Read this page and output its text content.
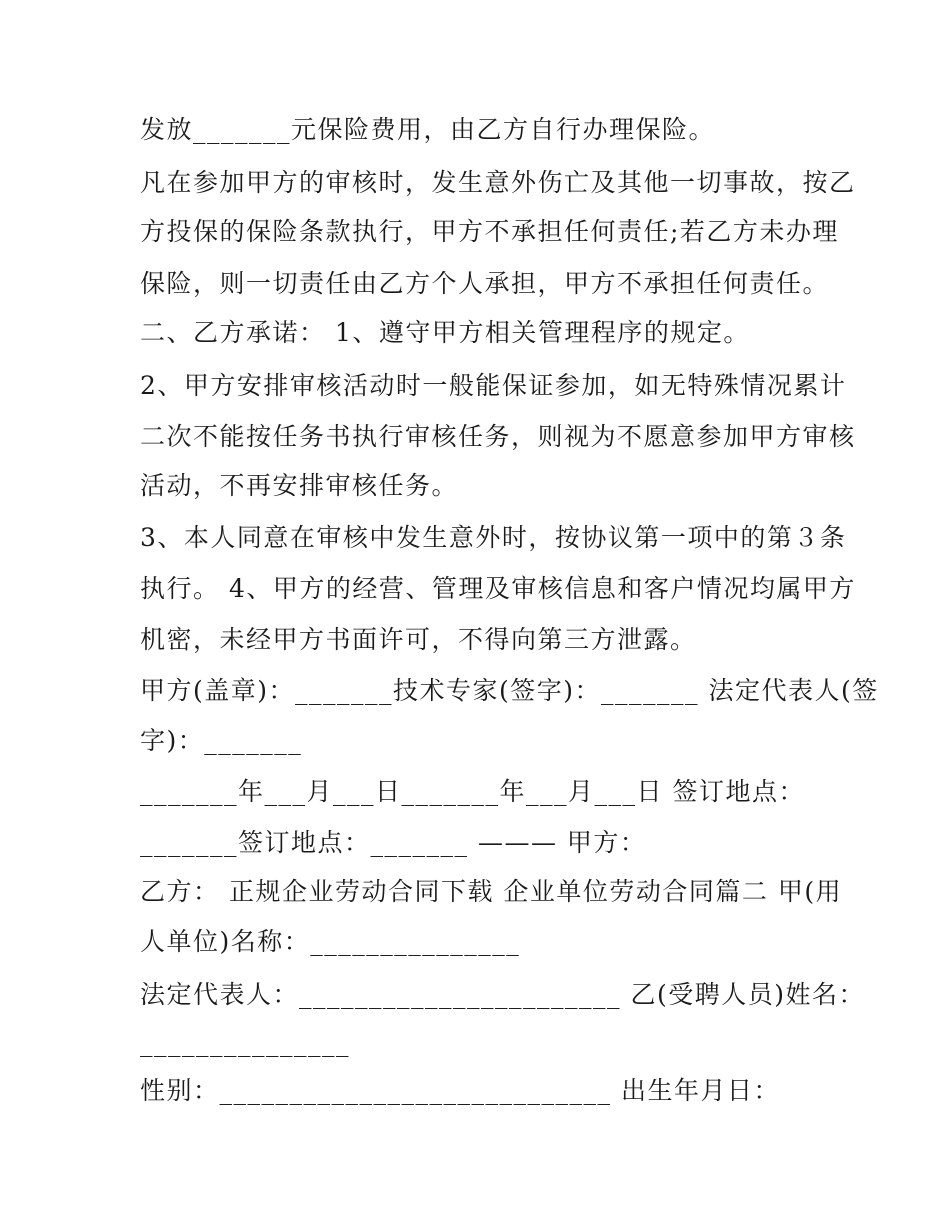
发放_______元保险费用，由乙方自行办理保险。
凡在参加甲方的审核时，发生意外伤亡及其他一切事故，按乙
方投保的保险条款执行，甲方不承担任何责任;若乙方未办理
保险，则一切责任由乙方个人承担，甲方不承担任何责任。
二、乙方承诺： 1、遵守甲方相关管理程序的规定。
2、甲方安排审核活动时一般能保证参加，如无特殊情况累计
二次不能按任务书执行审核任务，则视为不愿意参加甲方审核
活动，不再安排审核任务。
3、本人同意在审核中发生意外时，按协议第一项中的第３条
执行。 4、甲方的经营、管理及审核信息和客户情况均属甲方
机密，未经甲方书面许可，不得向第三方泄露。
甲方(盖章)：_______技术专家(签字)：_______ 法定代表人(签
字)：_______
_______年___月___日_______年___月___日 签订地点：
_______签订地点：_______ ——— 甲方：
乙方： 正规企业劳动合同下载 企业单位劳动合同篇二 甲(用
人单位)名称：_______________
法定代表人：_______________________ 乙(受聘人员)姓名：
_______________
性别：____________________________ 出生年月日：
